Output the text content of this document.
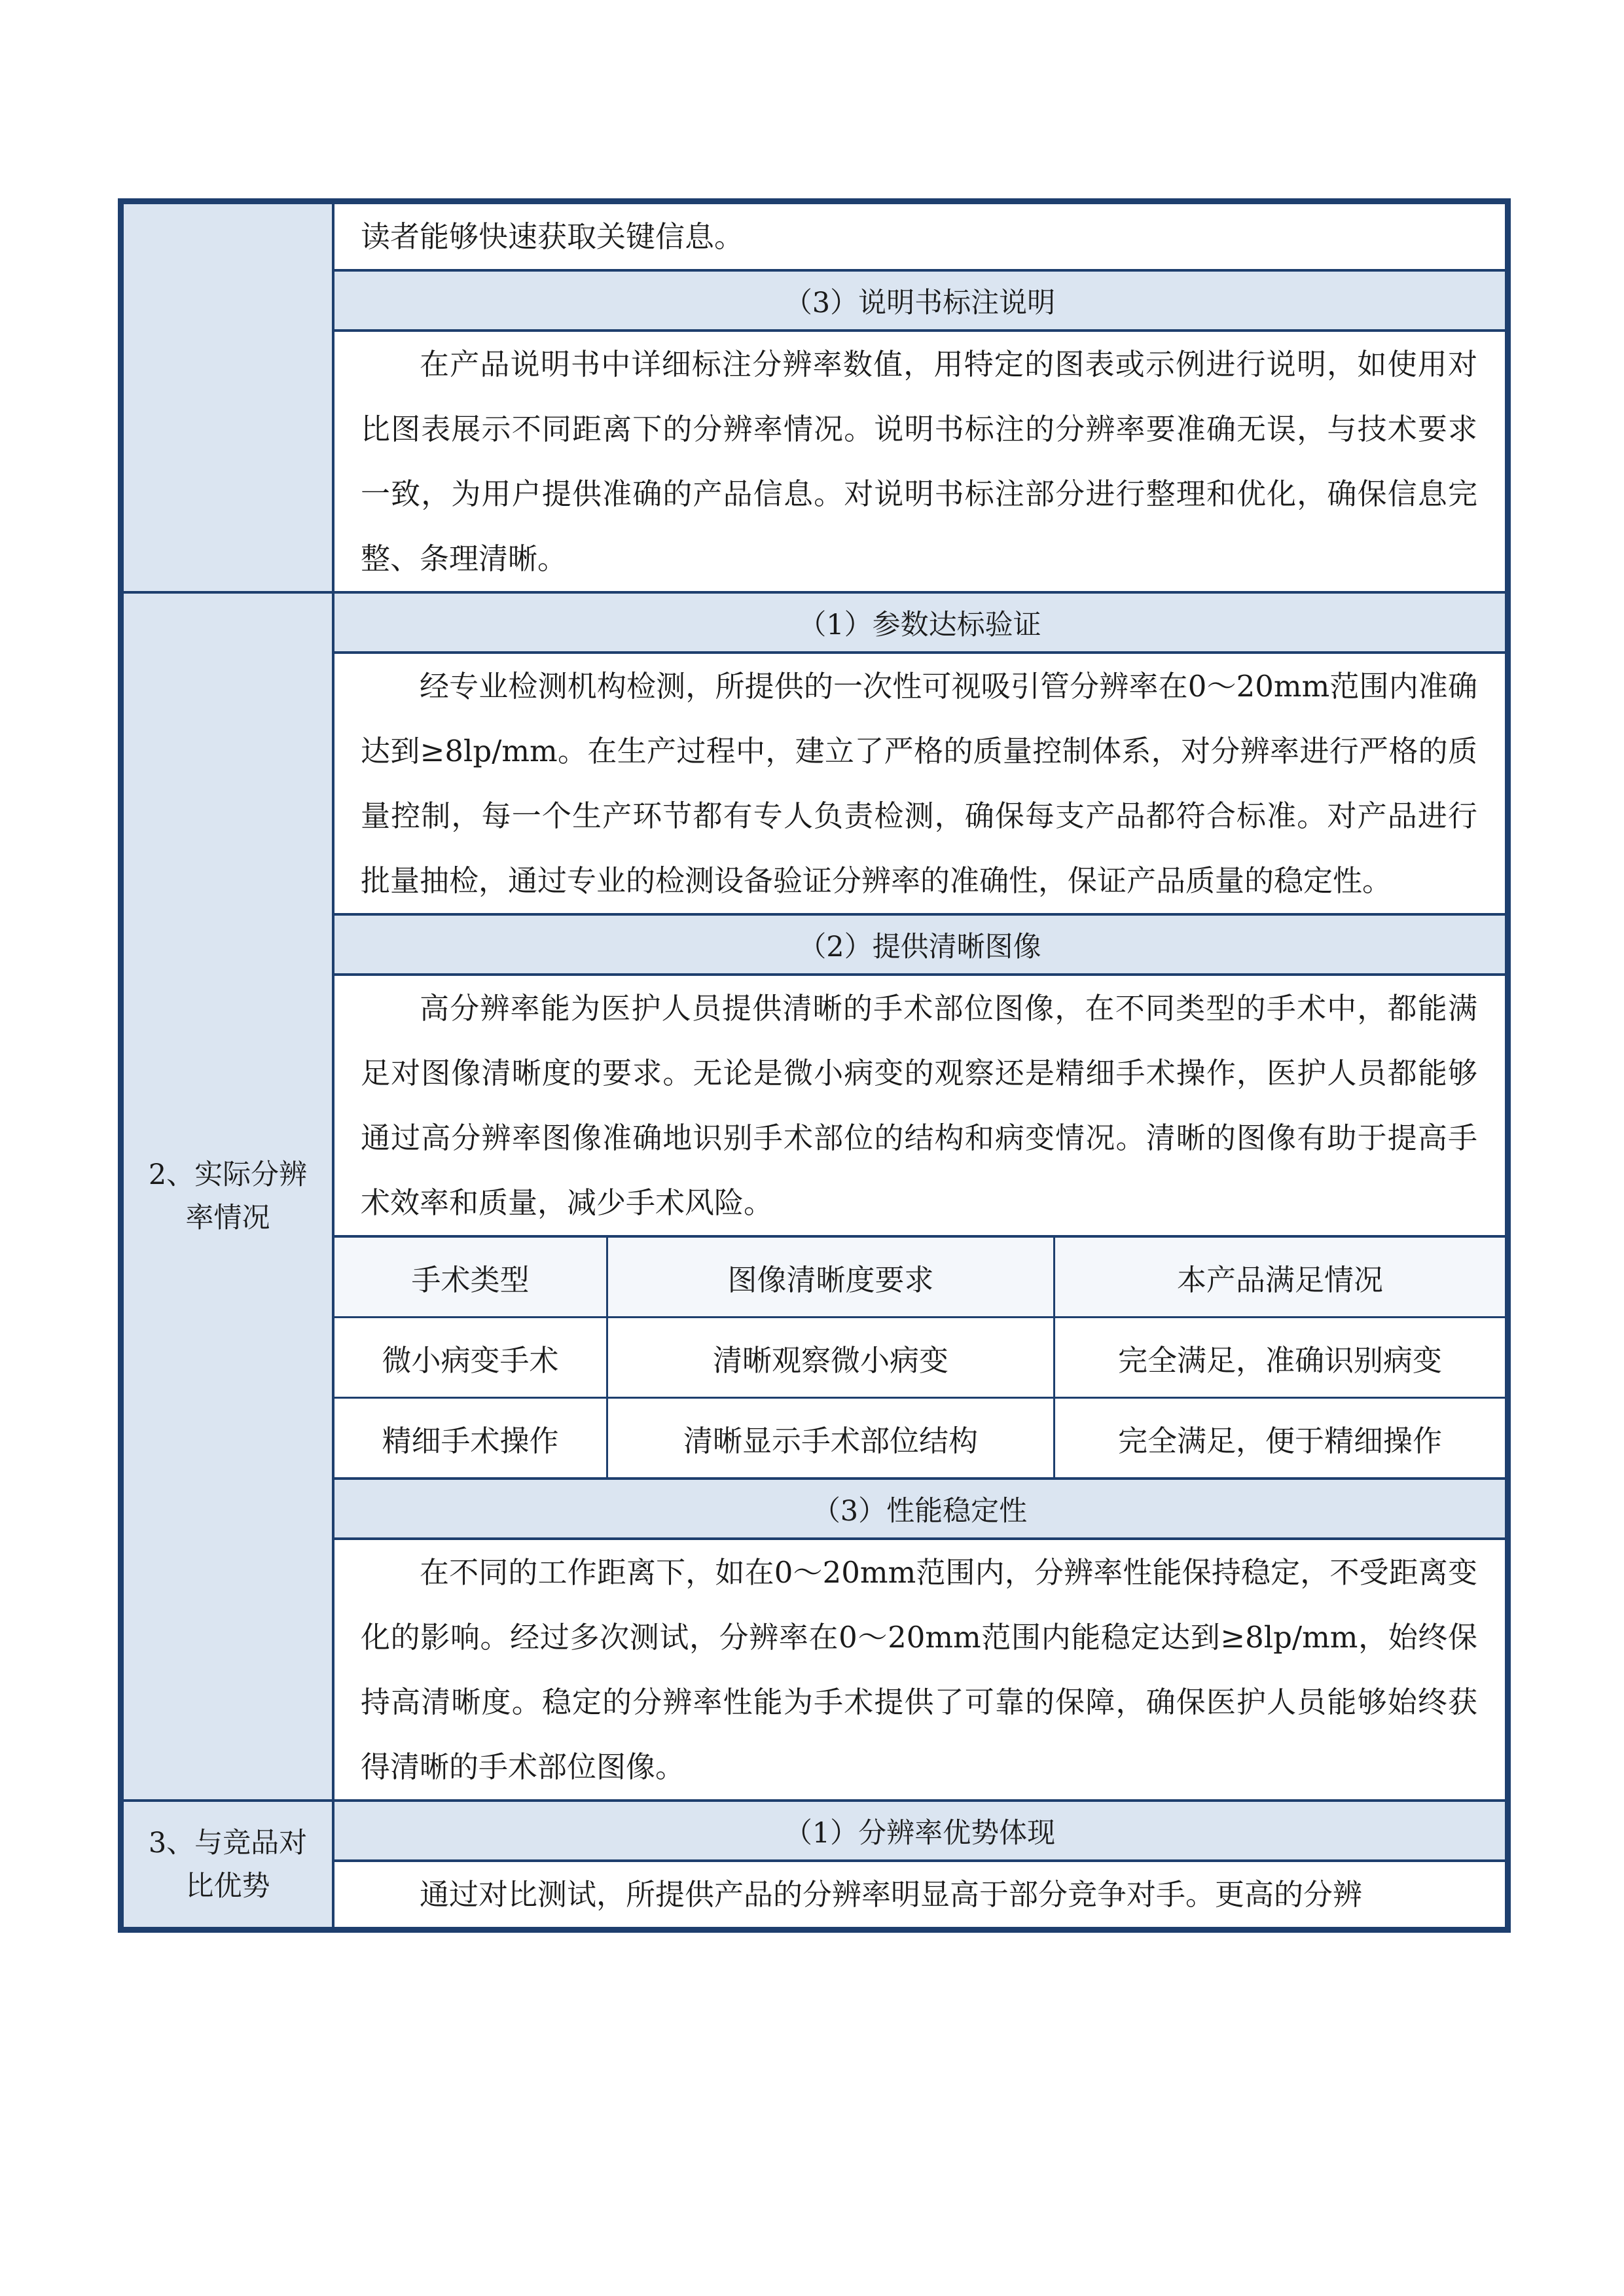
读者能够快速获取关键信息。

（3）说明书标注说明

在产品说明书中详细标注分辨率数值，用特定的图表或示例进行说明，如使用对比图表展示不同距离下的分辨率情况。说明书标注的分辨率要准确无误，与技术要求一致，为用户提供准确的产品信息。对说明书标注部分进行整理和优化，确保信息完整、条理清晰。

2、实际分辨率情况
	（1）参数达标验证

经专业检测机构检测，所提供的一次性可视吸引管分辨率在0～20mm范围内准确达到≥8lp/mm。在生产过程中，建立了严格的质量控制体系，对分辨率进行严格的质量控制，每一个生产环节都有专人负责检测，确保每支产品都符合标准。对产品进行批量抽检，通过专业的检测设备验证分辨率的准确性，保证产品质量的稳定性。

（2）提供清晰图像

高分辨率能为医护人员提供清晰的手术部位图像，在不同类型的手术中，都能满足对图像清晰度的要求。无论是微小病变的观察还是精细手术操作，医护人员都能够通过高分辨率图像准确地识别手术部位的结构和病变情况。清晰的图像有助于提高手术效率和质量，减少手术风险。

手术类型	图像清晰度要求	本产品满足情况
微小病变手术	清晰观察微小病变	完全满足，准确识别病变
精细手术操作	清晰显示手术部位结构	完全满足，便于精细操作

（3）性能稳定性

在不同的工作距离下，如在0～20mm范围内，分辨率性能保持稳定，不受距离变化的影响。经过多次测试，分辨率在0～20mm范围内能稳定达到≥8lp/mm，始终保持高清晰度。稳定的分辨率性能为手术提供了可靠的保障，确保医护人员能够始终获得清晰的手术部位图像。

3、与竞品对比优势
	（1）分辨率优势体现

通过对比测试，所提供产品的分辨率明显高于部分竞争对手。更高的分辨
